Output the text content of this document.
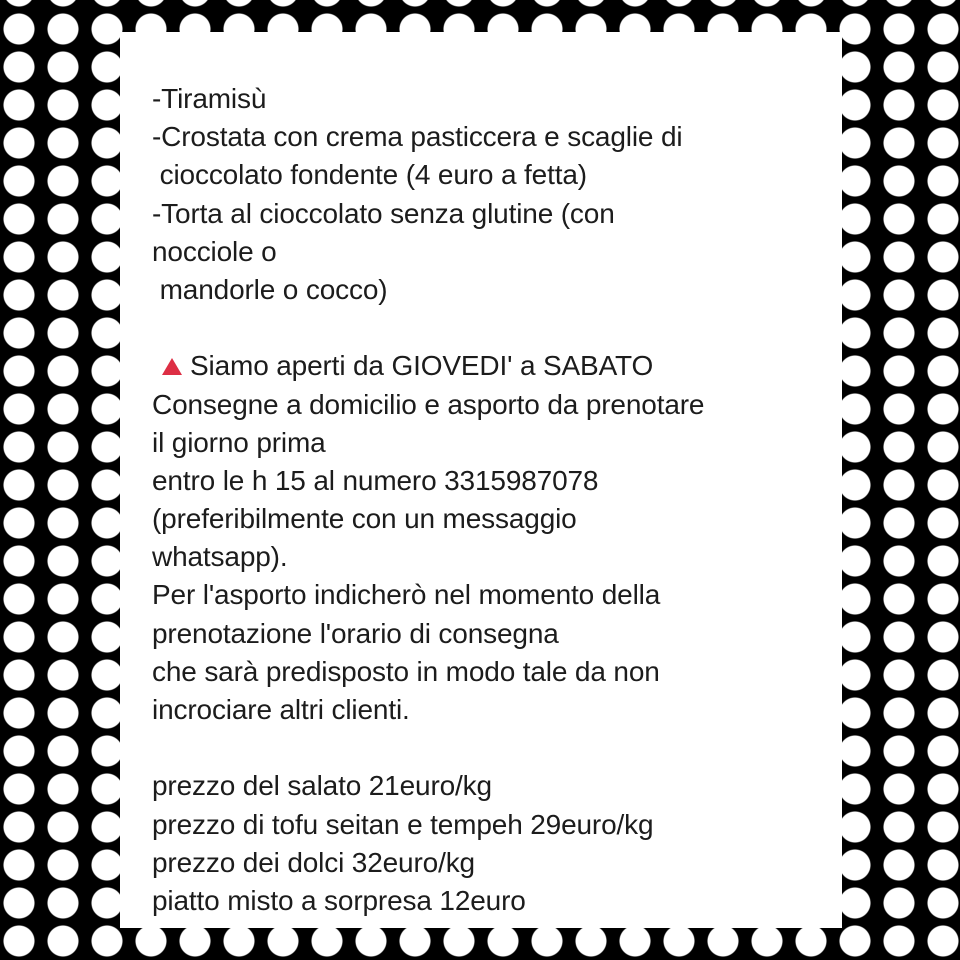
-Tiramisù
-Crostata con crema pasticcera e scaglie di
cioccolato fondente (4 euro a fetta)
-Torta al cioccolato senza glutine (con
nocciole o
mandorle o cocco)
Siamo aperti da GIOVEDI' a SABATO
Consegne a domicilio e asporto da prenotare
il giorno prima
entro le h 15 al numero 3315987078
(preferibilmente con un messaggio
whatsapp).
Per l'asporto indicherò nel momento della
prenotazione l'orario di consegna
che sarà predisposto in modo tale da non
incrociare altri clienti.
prezzo del salato 21euro/kg
prezzo di tofu seitan e tempeh 29euro/kg
prezzo dei dolci 32euro/kg
piatto misto a sorpresa 12euro
